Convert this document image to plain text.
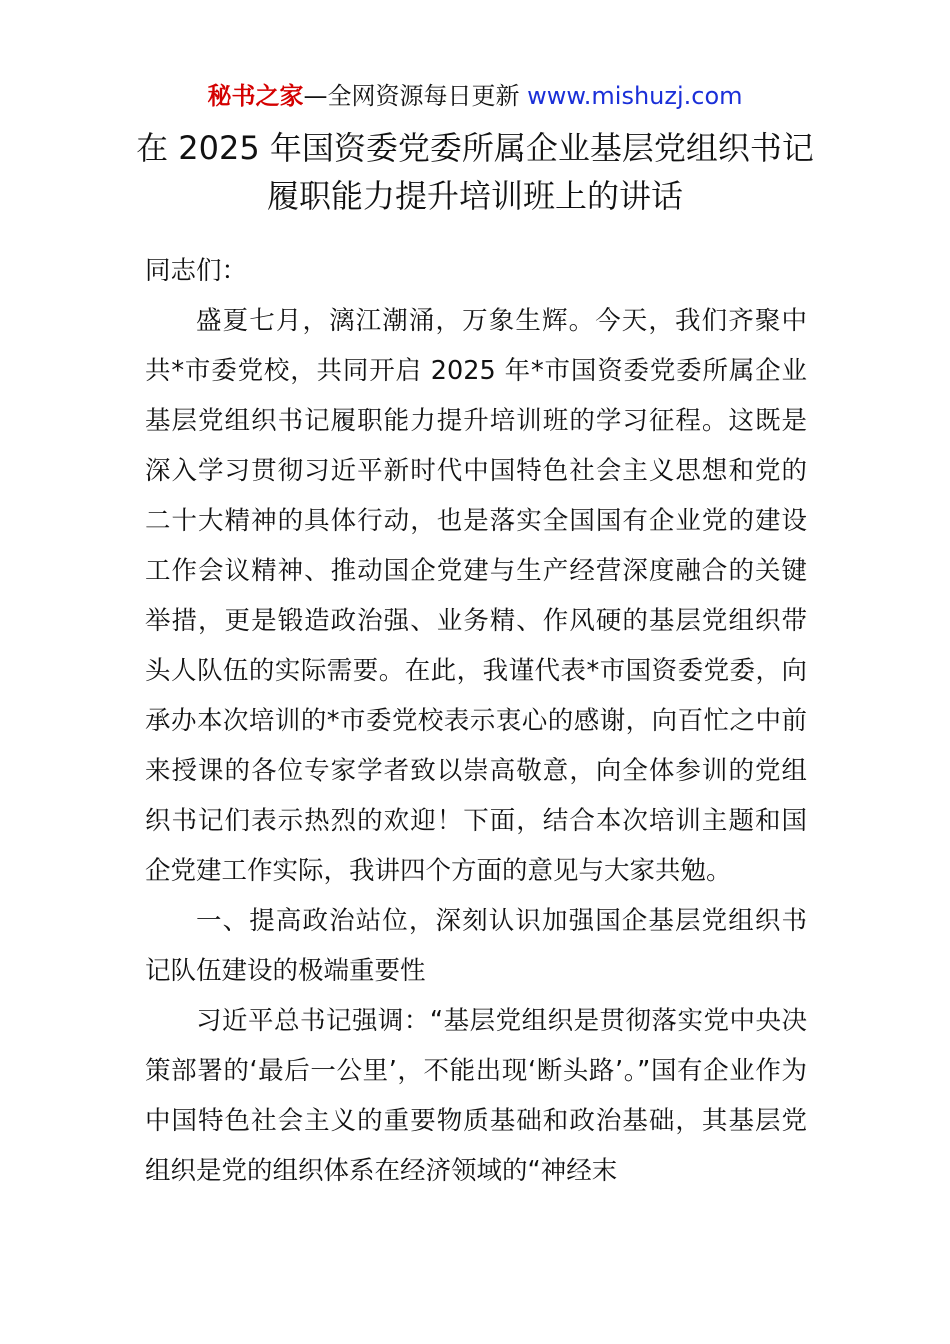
秘书之家—全网资源每日更新 www.mishuzj.com
在 2025 年国资委党委所属企业基层党组织书记
履职能力提升培训班上的讲话

同志们：

盛夏七月，漓江潮涌，万象生辉。今天，我们齐聚中共*市委党校，共同开启 2025 年*市国资委党委所属企业基层党组织书记履职能力提升培训班的学习征程。这既是深入学习贯彻习近平新时代中国特色社会主义思想和党的二十大精神的具体行动，也是落实全国国有企业党的建设工作会议精神、推动国企党建与生产经营深度融合的关键举措，更是锻造政治强、业务精、作风硬的基层党组织带头人队伍的实际需要。在此，我谨代表*市国资委党委，向承办本次培训的*市委党校表示衷心的感谢，向百忙之中前来授课的各位专家学者致以崇高敬意，向全体参训的党组织书记们表示热烈的欢迎！下面，结合本次培训主题和国企党建工作实际，我讲四个方面的意见与大家共勉。

一、提高政治站位，深刻认识加强国企基层党组织书记队伍建设的极端重要性

习近平总书记强调：“基层党组织是贯彻落实党中央决策部署的‘最后一公里’，不能出现‘断头路’。”国有企业作为中国特色社会主义的重要物质基础和政治基础，其基层党组织是党的组织体系在经济领域的“神经末
